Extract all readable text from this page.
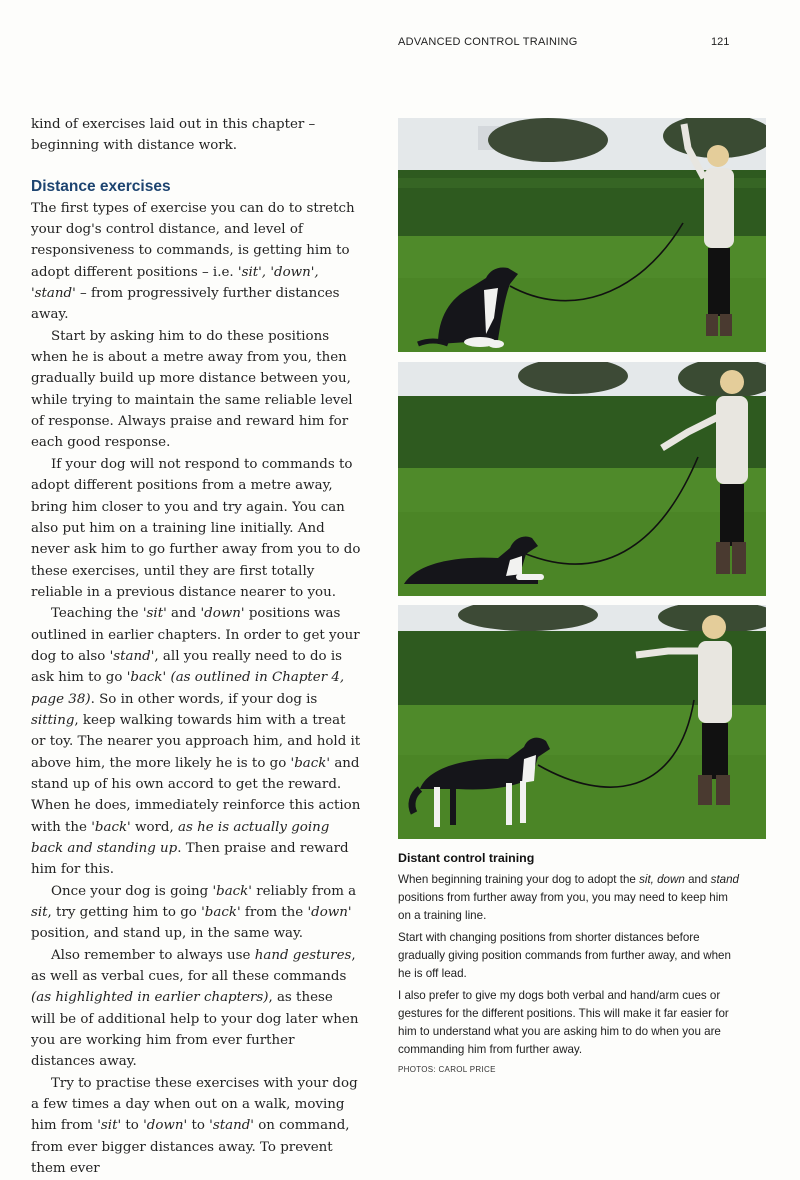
ADVANCED CONTROL TRAINING	121

kind of exercises laid out in this chapter – beginning with distance work.

Distance exercises

The first types of exercise you can do to stretch your dog's control distance, and level of responsiveness to commands, is getting him to adopt different positions – i.e. 'sit', 'down', 'stand' – from progressively further distances away.

Start by asking him to do these positions when he is about a metre away from you, then gradually build up more distance between you, while trying to maintain the same reliable level of response. Always praise and reward him for each good response.

If your dog will not respond to commands to adopt different positions from a metre away, bring him closer to you and try again. You can also put him on a training line initially. And never ask him to go further away from you to do these exercises, until they are first totally reliable in a previous distance nearer to you.

Teaching the 'sit' and 'down' positions was outlined in earlier chapters. In order to get your dog to also 'stand', all you really need to do is ask him to go 'back' (as outlined in Chapter 4, page 38). So in other words, if your dog is sitting, keep walking towards him with a treat or toy. The nearer you approach him, and hold it above him, the more likely he is to go 'back' and stand up of his own accord to get the reward. When he does, immediately reinforce this action with the 'back' word, as he is actually going back and standing up. Then praise and reward him for this.

Once your dog is going 'back' reliably from a sit, try getting him to go 'back' from the 'down' position, and stand up, in the same way.

Also remember to always use hand gestures, as well as verbal cues, for all these commands (as highlighted in earlier chapters), as these will be of additional help to your dog later when you are working him from ever further distances away.

Try to practise these exercises with your dog a few times a day when out on a walk, moving him from 'sit' to 'down' to 'stand' on command, from ever bigger distances away. To prevent them ever

Distant control training

When beginning training your dog to adopt the sit, down and stand positions from further away from you, you may need to keep him on a training line.

Start with changing positions from shorter distances before gradually giving position commands from further away, and when he is off lead.

I also prefer to give my dogs both verbal and hand/arm cues or gestures for the different positions. This will make it far easier for him to understand what you are asking him to do when you are commanding him from further away.

PHOTOS: CAROL PRICE
